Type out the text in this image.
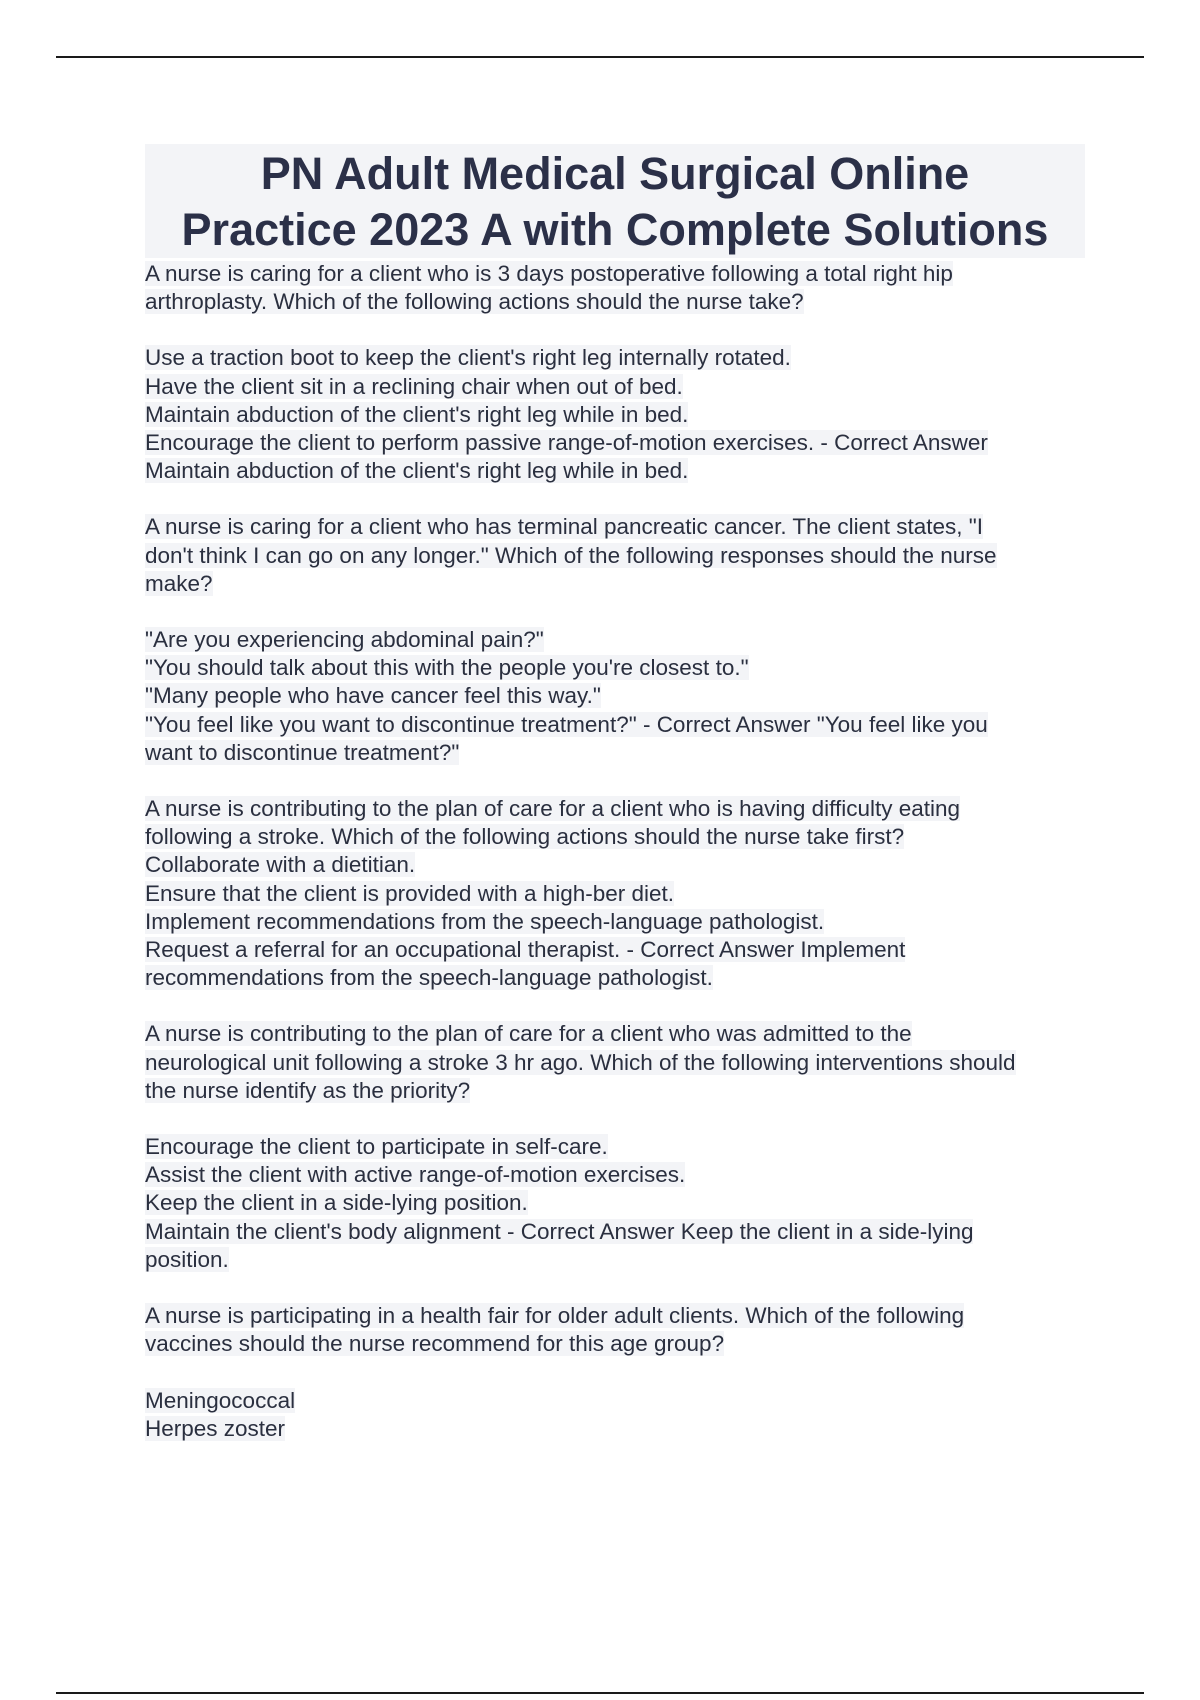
PN Adult Medical Surgical Online
Practice 2023 A with Complete Solutions
A nurse is caring for a client who is 3 days postoperative following a total right hip
arthroplasty. Which of the following actions should the nurse take?
Use a traction boot to keep the client's right leg internally rotated.
Have the client sit in a reclining chair when out of bed.
Maintain abduction of the client's right leg while in bed.
Encourage the client to perform passive range-of-motion exercises. - Correct Answer
Maintain abduction of the client's right leg while in bed.
A nurse is caring for a client who has terminal pancreatic cancer. The client states, "I
don't think I can go on any longer." Which of the following responses should the nurse
make?
"Are you experiencing abdominal pain?"
"You should talk about this with the people you're closest to."
"Many people who have cancer feel this way."
"You feel like you want to discontinue treatment?" - Correct Answer "You feel like you
want to discontinue treatment?"
A nurse is contributing to the plan of care for a client who is having difficulty eating
following a stroke. Which of the following actions should the nurse take first?
Collaborate with a dietitian.
Ensure that the client is provided with a high-ber diet.
Implement recommendations from the speech-language pathologist.
Request a referral for an occupational therapist. - Correct Answer Implement
recommendations from the speech-language pathologist.
A nurse is contributing to the plan of care for a client who was admitted to the
neurological unit following a stroke 3 hr ago. Which of the following interventions should
the nurse identify as the priority?
Encourage the client to participate in self-care.
Assist the client with active range-of-motion exercises.
Keep the client in a side-lying position.
Maintain the client's body alignment - Correct Answer Keep the client in a side-lying
position.
A nurse is participating in a health fair for older adult clients. Which of the following
vaccines should the nurse recommend for this age group?
Meningococcal
Herpes zoster
